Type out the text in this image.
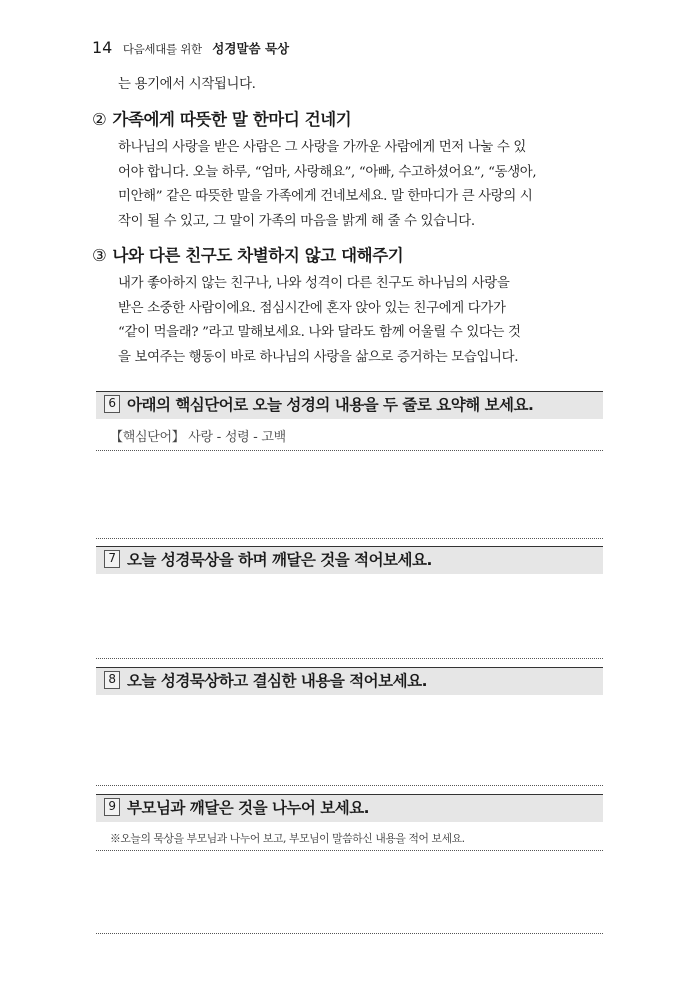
14 다음세대를 위한 성경말씀 묵상
는 용기에서 시작됩니다.
② 가족에게 따뜻한 말 한마디 건네기
하나님의 사랑을 받은 사람은 그 사랑을 가까운 사람에게 먼저 나눌 수 있
어야 합니다. 오늘 하루, “엄마, 사랑해요”, “아빠, 수고하셨어요”, “동생아,
미안해” 같은 따뜻한 말을 가족에게 건네보세요. 말 한마디가 큰 사랑의 시
작이 될 수 있고, 그 말이 가족의 마음을 밝게 해 줄 수 있습니다.
③ 나와 다른 친구도 차별하지 않고 대해주기
내가 좋아하지 않는 친구나, 나와 성격이 다른 친구도 하나님의 사랑을
받은 소중한 사람이에요. 점심시간에 혼자 앉아 있는 친구에게 다가가
“같이 먹을래? ”라고 말해보세요. 나와 달라도 함께 어울릴 수 있다는 것
을 보여주는 행동이 바로 하나님의 사랑을 삶으로 증거하는 모습입니다.
6 아래의 핵심단어로 오늘 성경의 내용을 두 줄로 요약해 보세요.
【핵심단어】 사랑 - 성령 - 고백
7 오늘 성경묵상을 하며 깨달은 것을 적어보세요.
8 오늘 성경묵상하고 결심한 내용을 적어보세요.
9 부모님과 깨달은 것을 나누어 보세요.
※오늘의 묵상을 부모님과 나누어 보고, 부모님이 말씀하신 내용을 적어 보세요.
